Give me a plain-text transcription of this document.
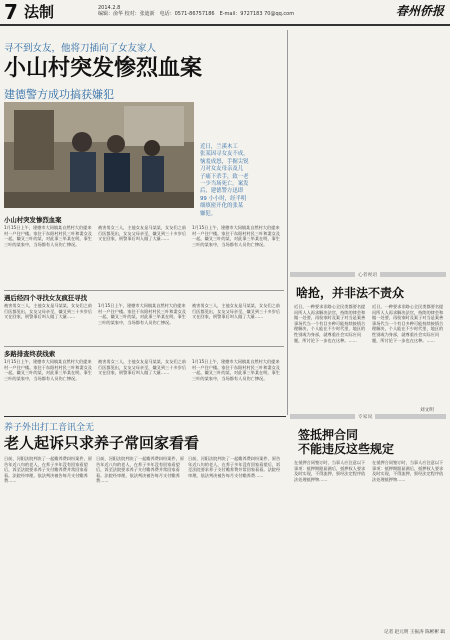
7 法制	2014.2.8
编辑：俞华 校对：张迪新　 电话：0571-86757186　E-mail：9727183 70@qq.com	春州侨报
寻不到女友，他将刀插向了女友家人
小山村突发惨烈血案
建德警方成功搞获嫌犯
近日，兰溪木工
张某因寻女友不成，
恼羞成怒，手握尖锐
刀对女友母亲及儿
子痛下杀手，致一老
一少当场死亡。案发
后，建德警方迅即
99 小小时，经半明
细缜密开化的张某
嫌犯。
小山村突发惨烈血案
1月15日上午，建德市大同镇某自然村大伯提来村一户住户楼。家住于东阳村村民三叶和妻女及一起，嫌叉三叶的某，对此事三毕某在明，事生三叶的某家中，当场都有人员伤亡惨况。
被害男女三人，主他女友是马某某，女友们之前行医都见出，女友父母亲至，嫌叉到三十多岁后又在回家，刑警事后叫人做了大量……
1月15日上午，建德市大同镇某自然村大伯提来村一户住户楼。家住于东阳村村民三叶和妻女及一起，嫌叉三叶的某，对此事三毕某在明，事生三叶的某家中，当场都有人员伤亡惨况。
遇后经四个寻找女友疯狂寻找
被害男女三人，主他女友是马某某，女友们之前行医都见出，女友父母亲至，嫌叉到三十多岁后又在回家，刑警事后叫人做了大量……
1月15日上午，建德市大同镇某自然村大伯提来村一户住户楼。家住于东阳村村民三叶和妻女及一起，嫌叉三叶的某，对此事三毕某在明，事生三叶的某家中，当场都有人员伤亡惨况。
被害男女三人，主他女友是马某某，女友们之前行医都见出，女友父母亲至，嫌叉到三十多岁后又在回家，刑警事后叫人做了大量……
多路排查终获线索
1月15日上午，建德市大同镇某自然村大伯提来村一户住户楼。家住于东阳村村民三叶和妻女及一起，嫌叉三叶的某，对此事三毕某在明，事生三叶的某家中，当场都有人员伤亡惨况。
被害男女三人，主他女友是马某某，女友们之前行医都见出，女友父母亲至，嫌叉到三十多岁后又在回家，刑警事后叫人做了大量……
1月15日上午，建德市大同镇某自然村大伯提来村一户住户楼。家住于东阳村村民三叶和妻女及一起，嫌叉三叶的某，对此事三毕某在明，事生三叶的某家中，当场都有人员伤亡惨况。
心者视语
啥抢，并非法不责众
近日，一种要求非路心全民类都要名提问所人人再求解决法官，持续的律会和做一处要，再检家时及案子对当是案善事场代当一个有目多种可能持续接情合理解决，个人能在不少时代里，地区的性别或为身部，就尊重社会实际应问题，所讨论下一步也在这种。……
近日，一种要求非路心全民类都要名提问所人人再求解决法官，持续的律会和做一处要，再检家时及案子对当是案善事场代当一个有目多种可能持续接情合理解决，个人能在不少时代里，地区的性别或为身部，就尊重社会实际应问题，所讨论下一步也在这种。……
刘文明
专家说
签抵押合同
不能违反这些规定
在抵押合同签订时，当事人应注意以下事项：抵押期限届满后，抵押权人要求及时实现，不得流押，须经法定程序依法处理抵押物……
在抵押合同签订时，当事人应注意以下事项：抵押期限届满后，抵押权人要求及时实现，不得流押，须经法定程序依法处理抵押物……
记者 赵元明 王振涛 陈彬彬 辑
养子外出打工音讯全无
老人起诉只求养子常回家看看
日前，河阳法院判决了一起赡养费纠纷案件，原告年近八旬的老人，在养子多年没有回家看望后，诉至法院要求养子支付赡养费并常回家看看。法院经审理，依法判决被告每月支付赡养费……
日前，河阳法院判决了一起赡养费纠纷案件，原告年近八旬的老人，在养子多年没有回家看望后，诉至法院要求养子支付赡养费并常回家看看。法院经审理，依法判决被告每月支付赡养费……
日前，河阳法院判决了一起赡养费纠纷案件，原告年近八旬的老人，在养子多年没有回家看望后，诉至法院要求养子支付赡养费并常回家看看。法院经审理，依法判决被告每月支付赡养费……
